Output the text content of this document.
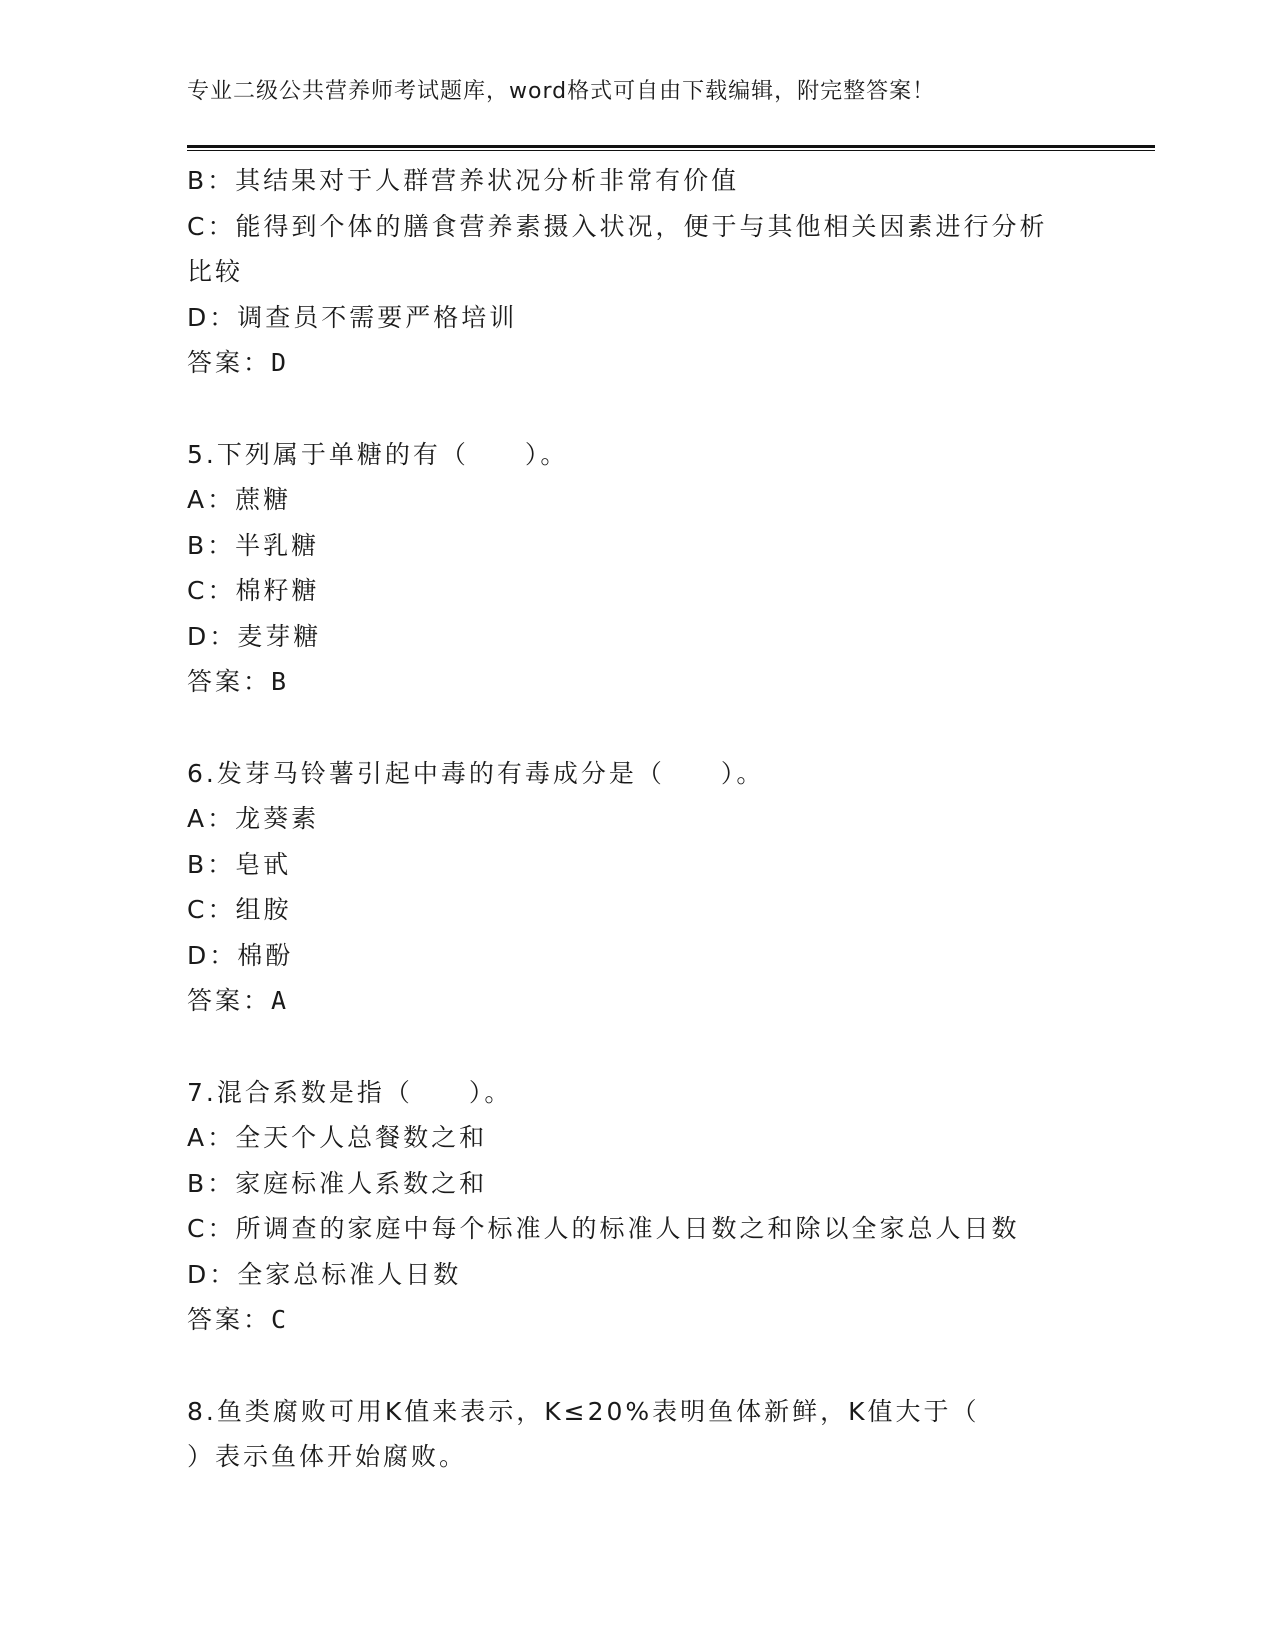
专业二级公共营养师考试题库，word格式可自由下载编辑，附完整答案！
B：其结果对于人群营养状况分析非常有价值
C：能得到个体的膳食营养素摄入状况，便于与其他相关因素进行分析
比较
D：调查员不需要严格培训
答案：D
5.下列属于单糖的有（　　）。
A：蔗糖
B：半乳糖
C：棉籽糖
D：麦芽糖
答案：B
6.发芽马铃薯引起中毒的有毒成分是（　　）。
A：龙葵素
B：皂甙
C：组胺
D：棉酚
答案：A
7.混合系数是指（　　）。
A：全天个人总餐数之和
B：家庭标准人系数之和
C：所调查的家庭中每个标准人的标准人日数之和除以全家总人日数
D：全家总标准人日数
答案：C
8.鱼类腐败可用K值来表示，K≤20%表明鱼体新鲜，K值大于（
）表示鱼体开始腐败。
